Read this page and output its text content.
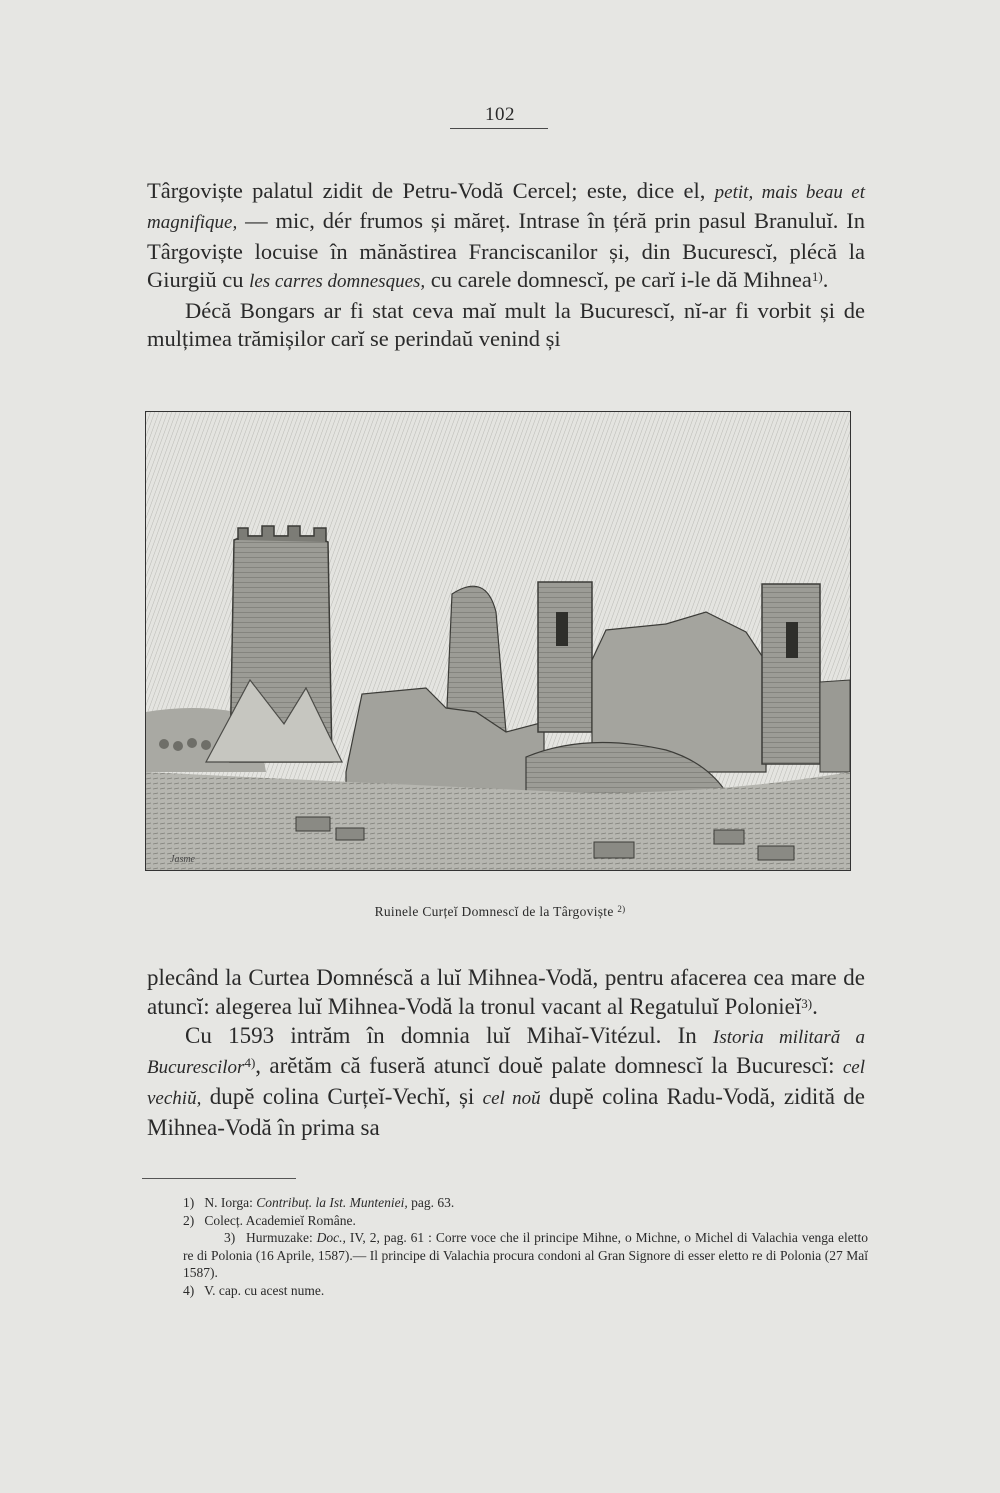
102
Târgoviște palatul zidit de Petru-Vodă Cercel; este, dice el, petit, mais beau et magnifique, — mic, dér frumos și măreț. Intrase în țéră prin pasul Branuluĭ. In Târgoviște locuise în mănăstirea Franciscanilor și, din Bucurescĭ, plécă la Giurgiŭ cu les carres domnesques, cu carele domnescĭ, pe carĭ i-le dă Mihnea$^{1)}$.
Décă Bongars ar fi stat ceva maĭ mult la Bucurescĭ, nĭ-ar fi vorbit și de mulțimea trămișilor carĭ se perindaŭ venind și
Jasme
Ruinele Curțeĭ Domnescĭ de la Târgoviște $^{2)}$
plecând la Curtea Domnéscă a luĭ Mihnea-Vodă, pentru afacerea cea mare de atuncĭ: alegerea luĭ Mihnea-Vodă la tronul vacant al Regatuluĭ Polonieĭ$^{3)}$.
Cu 1593 intrăm în domnia luĭ Mihaĭ-Vitézul. In Istoria militară a Bucurescilor$^{4)}$, arĕtăm că fuseră atuncĭ douĕ palate domnescĭ la Bucurescĭ: cel vechiŭ, dupĕ colina Curțeĭ-Vechĭ, și cel noŭ dupĕ colina Radu-Vodă, zidită de Mihnea-Vodă în prima sa

1) N. Iorga: Contribuț. la Ist. Munteniei, pag. 63.

2) Colecț. Academieĭ Române.

3) Hurmuzake: Doc., IV, 2, pag. 61 : Corre voce che il principe Mihne, o Michne, o Michel di Valachia venga eletto re di Polonia (16 Aprile, 1587).— Il principe di Valachia procura condoni al Gran Signore di esser eletto re di Polonia (27 Maĭ 1587).

4) V. cap. cu acest nume.
